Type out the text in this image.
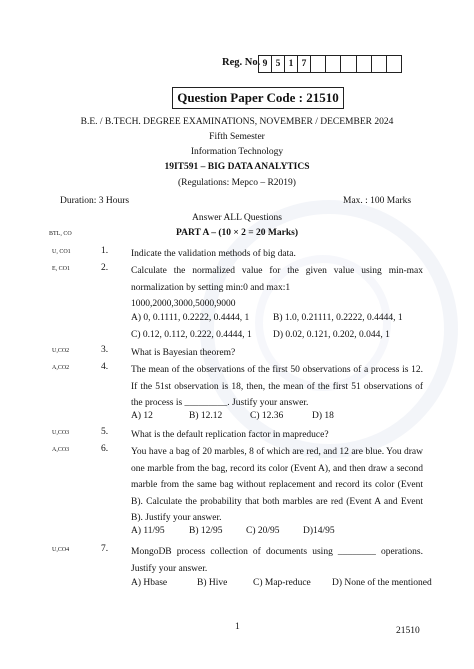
Reg. No. 9 5 1 7
Question Paper Code : 21510
B.E. / B.TECH. DEGREE EXAMINATIONS, NOVEMBER / DECEMBER 2024
Fifth Semester
Information Technology
19IT591 – BIG DATA ANALYTICS
(Regulations: Mepco – R2019)
Duration: 3 Hours	Max. : 100 Marks
Answer ALL Questions
BTL, CO	PART A – (10 × 2 = 20 Marks)
U, CO1	1.	Indicate the validation methods of big data.
E, CO1	2.	Calculate the normalized value for the given value using min-max normalization by setting min:0 and max:1
1000,2000,3000,5000,9000
A) 0, 0.1111, 0.2222, 0.4444, 1	B) 1.0, 0.21111, 0.2222, 0.4444, 1
C) 0.12, 0.112, 0.222, 0.4444, 1 D) 0.02, 0.121, 0.202, 0.044, 1
U,CO2	3.	What is Bayesian theorem?
A,CO2	4.	The mean of the observations of the first 50 observations of a process is 12. If the 51st observation is 18, then, the mean of the first 51 observations of the process is _________. Justify your answer.
A) 12	B) 12.12	C) 12.36	D) 18
U,CO3	5.	What is the default replication factor in mapreduce?
A,CO3	6.	You have a bag of 20 marbles, 8 of which are red, and 12 are blue. You draw one marble from the bag, record its color (Event A), and then draw a second marble from the same bag without replacement and record its color (Event B). Calculate the probability that both marbles are red (Event A and Event B). Justify your answer.
A) 11/95	B) 12/95 C) 20/95 D)14/95
U,CO4	7.	MongoDB process collection of documents using ________ operations. Justify your answer.
A) Hbase	B) Hive	C) Map-reduce D) None of the mentioned
1	21510
